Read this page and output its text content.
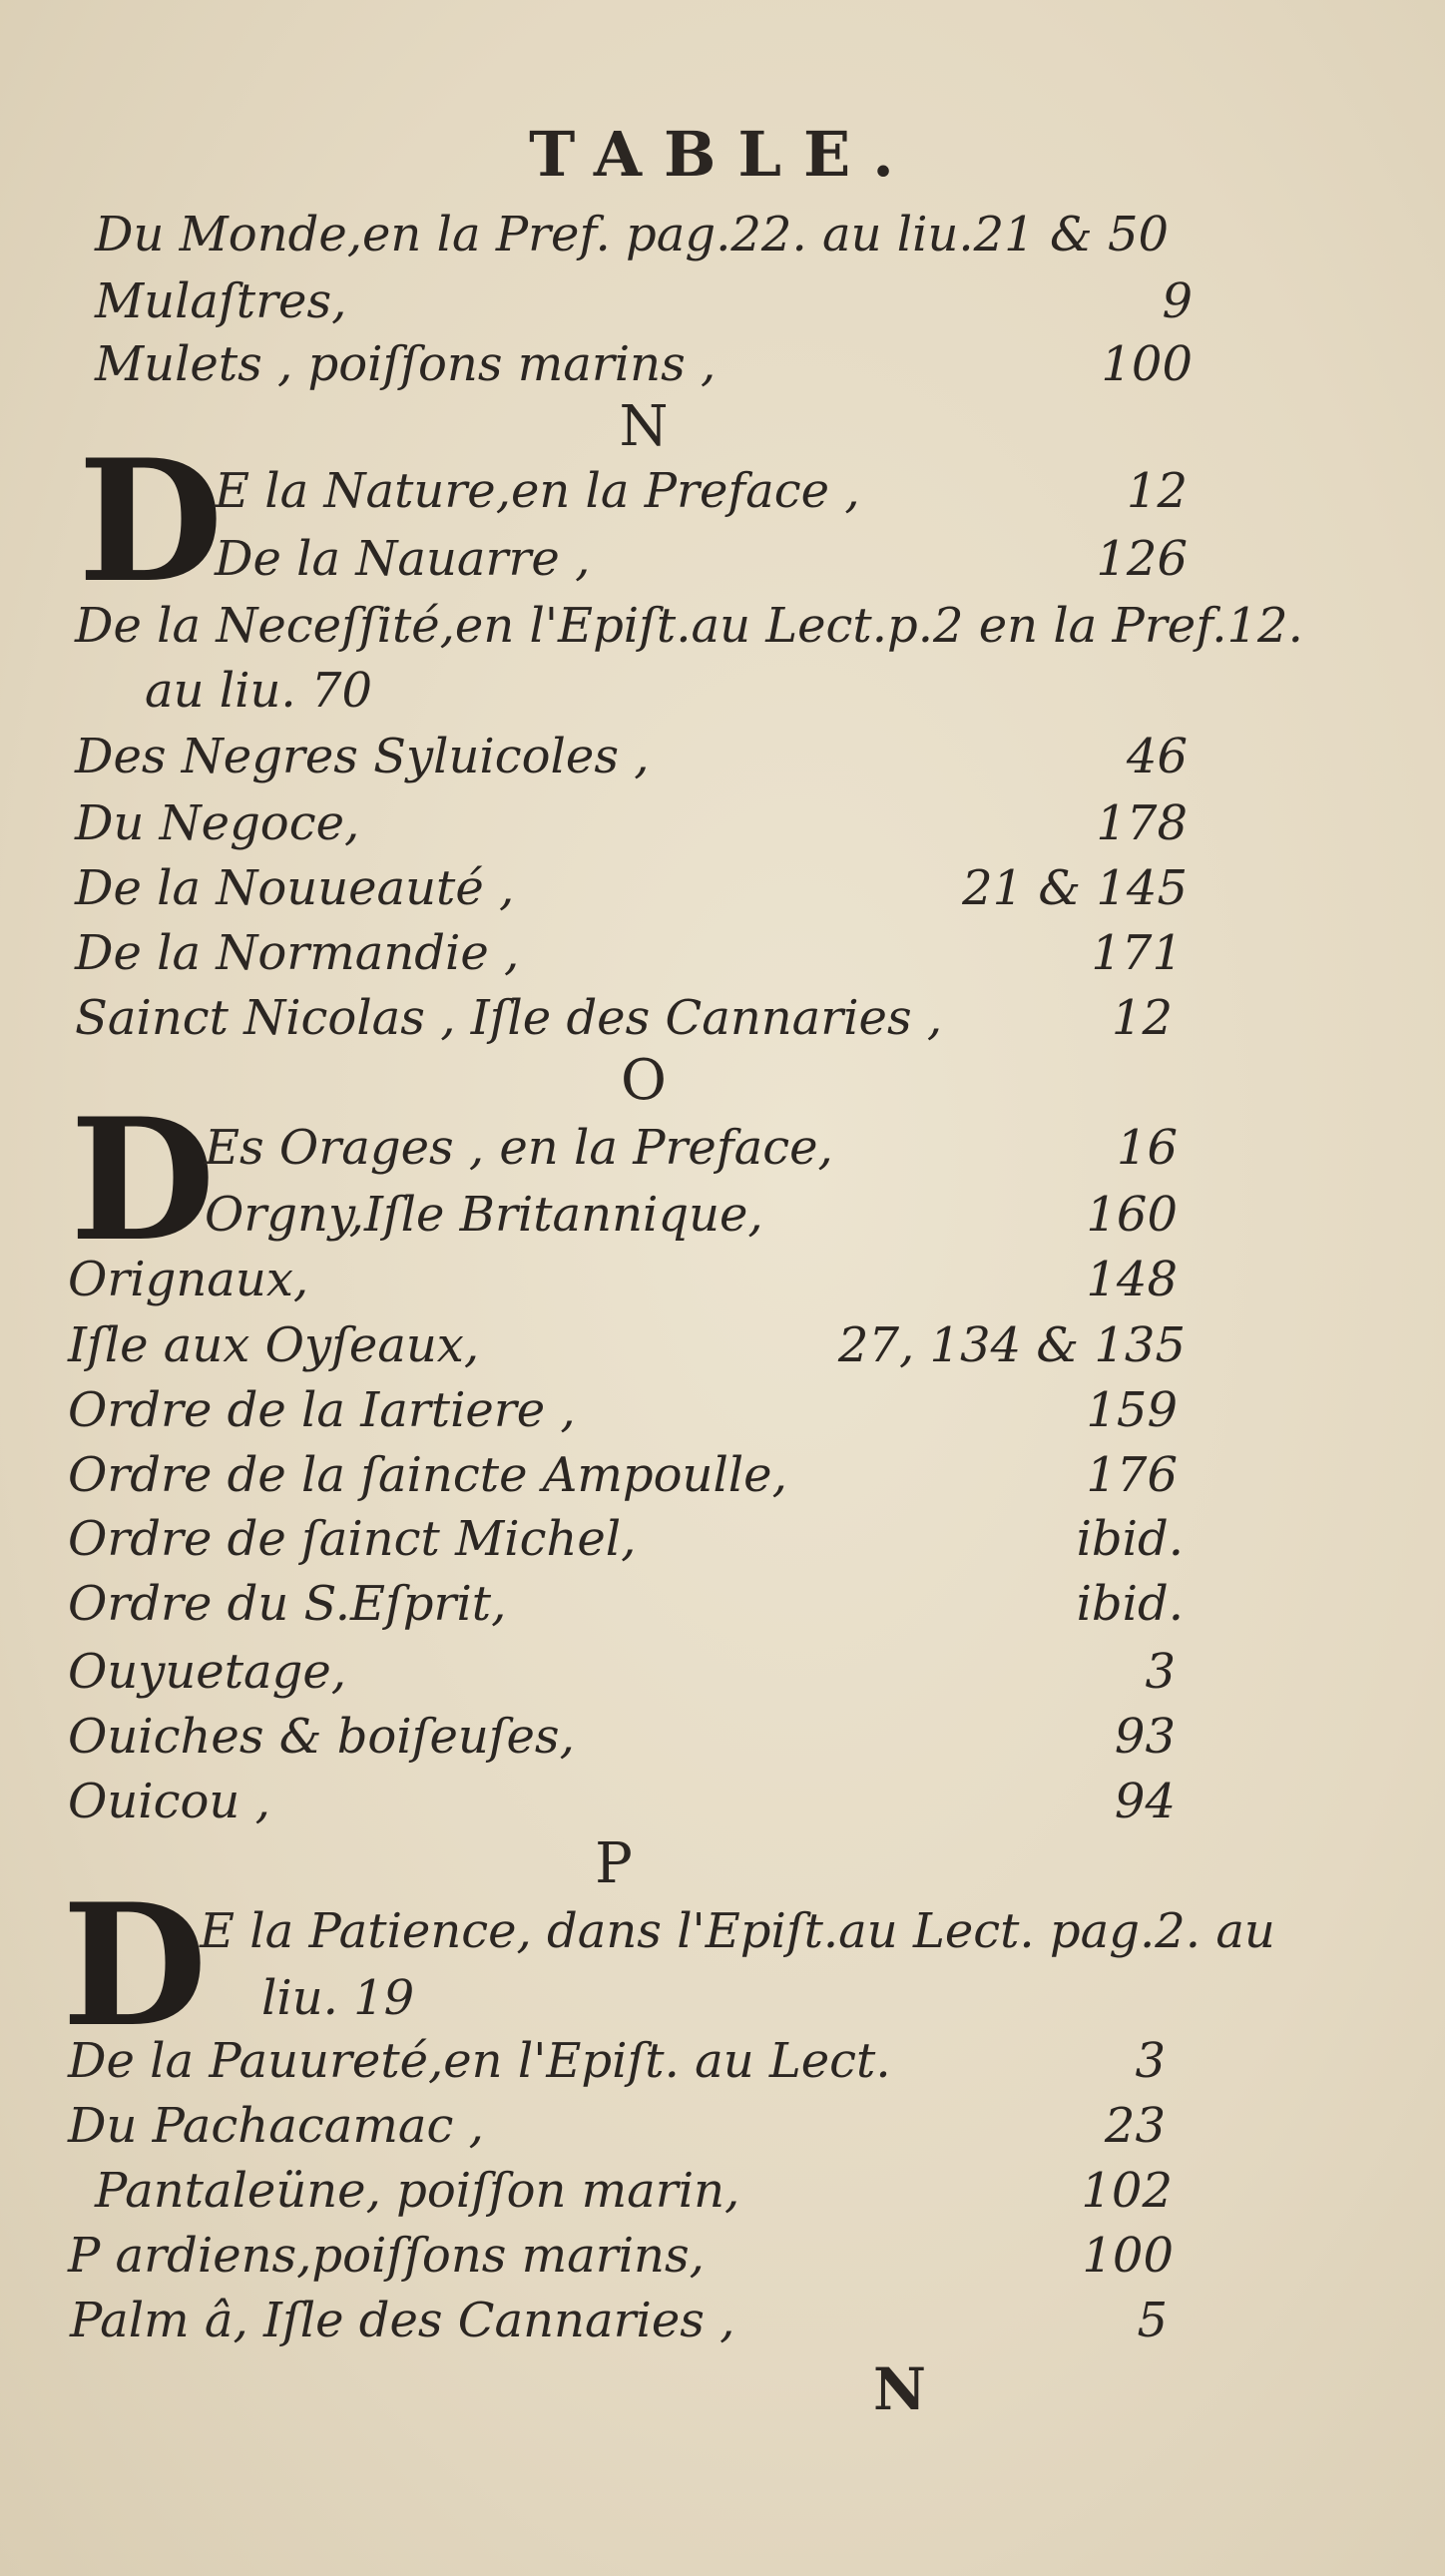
TABLE.
Du Monde,en la Pref. pag.22. au liu.21 & 50
Mulaſtres,	9
Mulets , poiſſons marins ,	100
N
D
E la Nature,en la Preface ,	12
De la Nauarre ,	126
De la Neceſſité,en l'Epiſt.au Lect.p.2 en la Pref.12.
au liu. 70
Des Negres Syluicoles ,	46
Du Negoce,	178
De la Nouueauté ,	21 & 145
De la Normandie ,	171
Sainct Nicolas , Iſle des Cannaries ,	12
O
D
Es Orages , en la Preface,	16
Orgny,Iſle Britannique,	160
Orignaux,	148
Iſle aux Oyſeaux,	27, 134 & 135
Ordre de la Iartiere ,	159
Ordre de la ſaincte Ampoulle,	176
Ordre de ſainct Michel,	ibid.
Ordre du S.Eſprit,	ibid.
Ouyuetage,	3
Ouiches & boiſeuſes,	93
Ouicou ,	94
P
D
E la Patience, dans l'Epiſt.au Lect. pag.2. au
liu. 19
De la Pauureté,en l'Epiſt. au Lect.	3
Du Pachacamac ,	23
Pantaleüne, poiſſon marin,	102
P ardiens,poiſſons marins,	100
Palm â, Iſle des Cannaries ,	5
N
